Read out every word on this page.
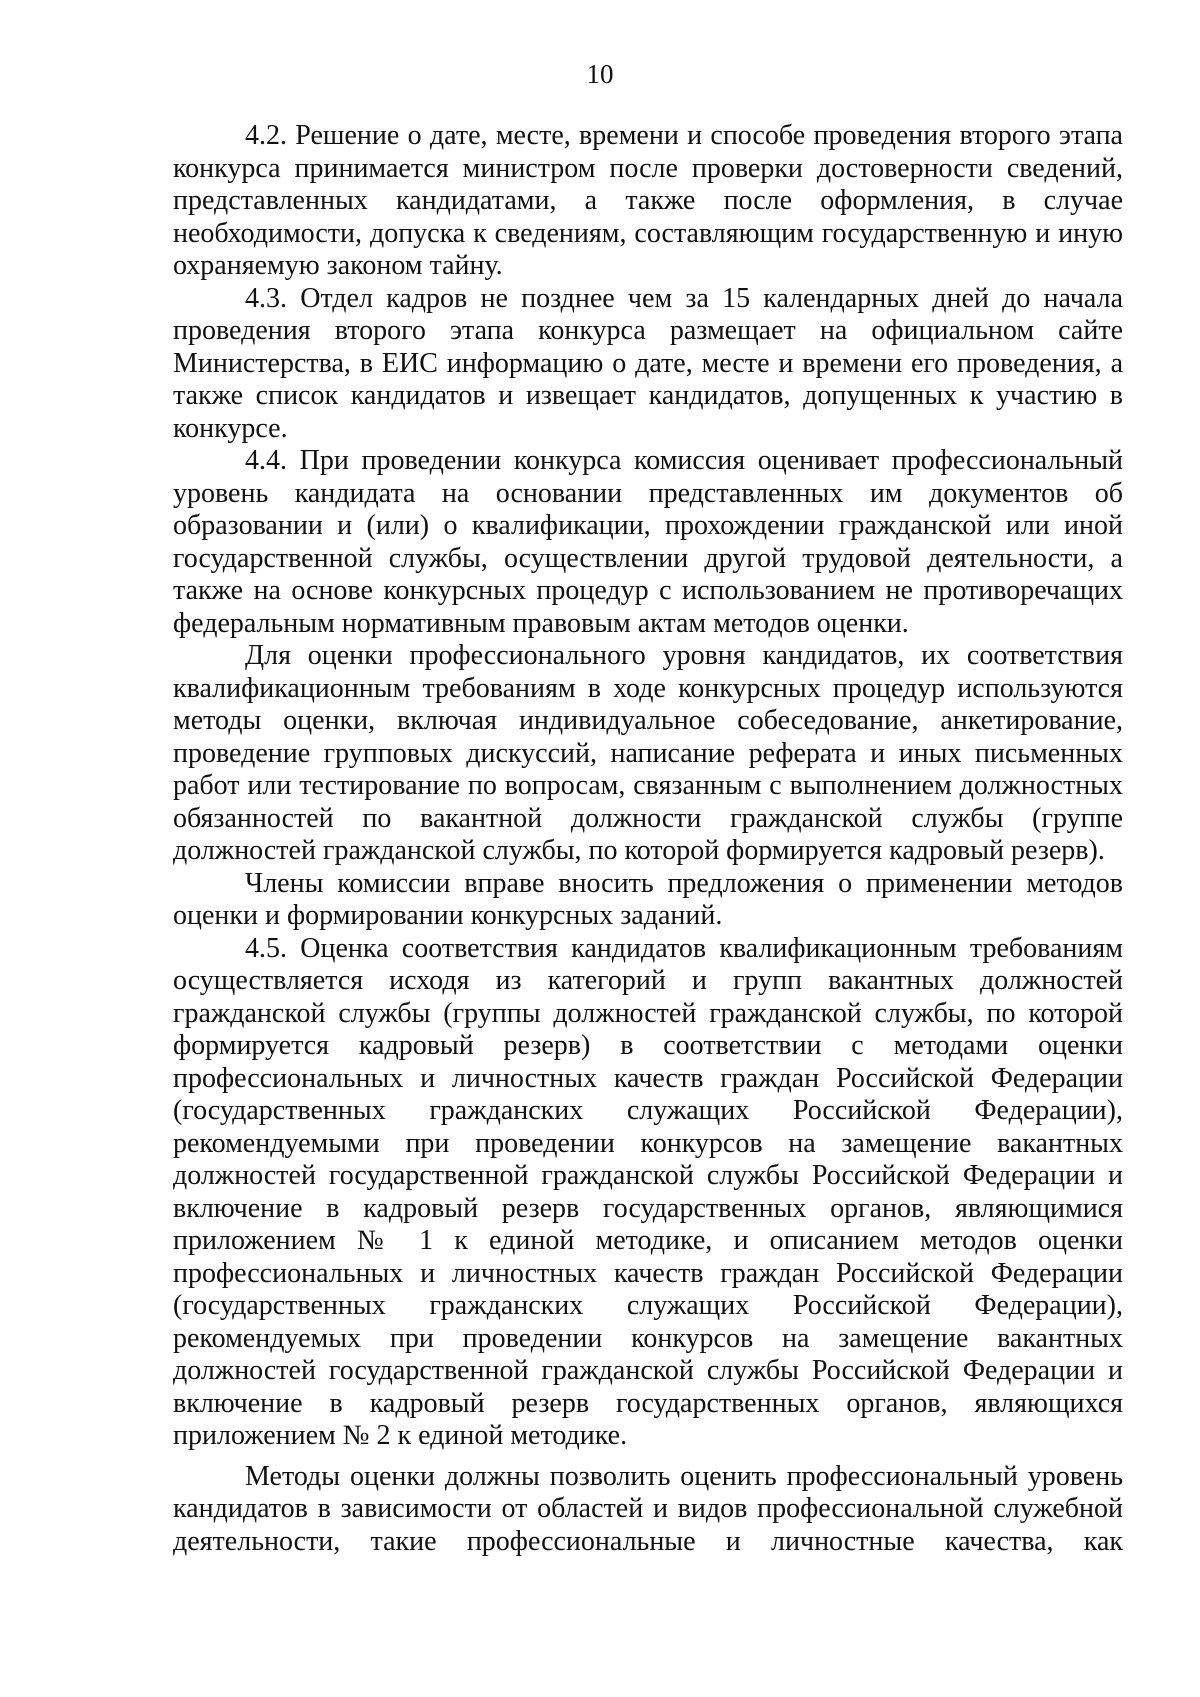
10

4.2. Решение о дате, месте, времени и способе проведения второго этапа конкурса принимается министром после проверки достоверности сведений, представленных кандидатами, а также после оформления, в случае необходимости, допуска к сведениям, составляющим государственную и иную охраняемую законом тайну.

4.3. Отдел кадров не позднее чем за 15 календарных дней до начала проведения второго этапа конкурса размещает на официальном сайте Министерства, в ЕИС информацию о дате, месте и времени его проведения, а также список кандидатов и извещает кандидатов, допущенных к участию в конкурсе.

4.4. При проведении конкурса комиссия оценивает профессиональный уровень кандидата на основании представленных им документов об образовании и (или) о квалификации, прохождении гражданской или иной государственной службы, осуществлении другой трудовой деятельности, а также на основе конкурсных процедур с использованием не противоречащих федеральным нормативным правовым актам методов оценки.

Для оценки профессионального уровня кандидатов, их соответствия квалификационным требованиям в ходе конкурсных процедур используются методы оценки, включая индивидуальное собеседование, анкетирование, проведение групповых дискуссий, написание реферата и иных письменных работ или тестирование по вопросам, связанным с выполнением должностных обязанностей по вакантной должности гражданской службы (группе должностей гражданской службы, по которой формируется кадровый резерв).

Члены комиссии вправе вносить предложения о применении методов оценки и формировании конкурсных заданий.

4.5. Оценка соответствия кандидатов квалификационным требованиям осуществляется исходя из категорий и групп вакантных должностей гражданской службы (группы должностей гражданской службы, по которой формируется кадровый резерв) в соответствии с методами оценки профессиональных и личностных качеств граждан Российской Федерации (государственных гражданских служащих Российской Федерации), рекомендуемыми при проведении конкурсов на замещение вакантных должностей государственной гражданской службы Российской Федерации и включение в кадровый резерв государственных органов, являющимися приложением № 1 к единой методике, и описанием методов оценки профессиональных и личностных качеств граждан Российской Федерации (государственных гражданских служащих Российской Федерации), рекомендуемых при проведении конкурсов на замещение вакантных должностей государственной гражданской службы Российской Федерации и включение в кадровый резерв государственных органов, являющихся приложением № 2 к единой методике.

Методы оценки должны позволить оценить профессиональный уровень кандидатов в зависимости от областей и видов профессиональной служебной деятельности, такие профессиональные и личностные качества, как
